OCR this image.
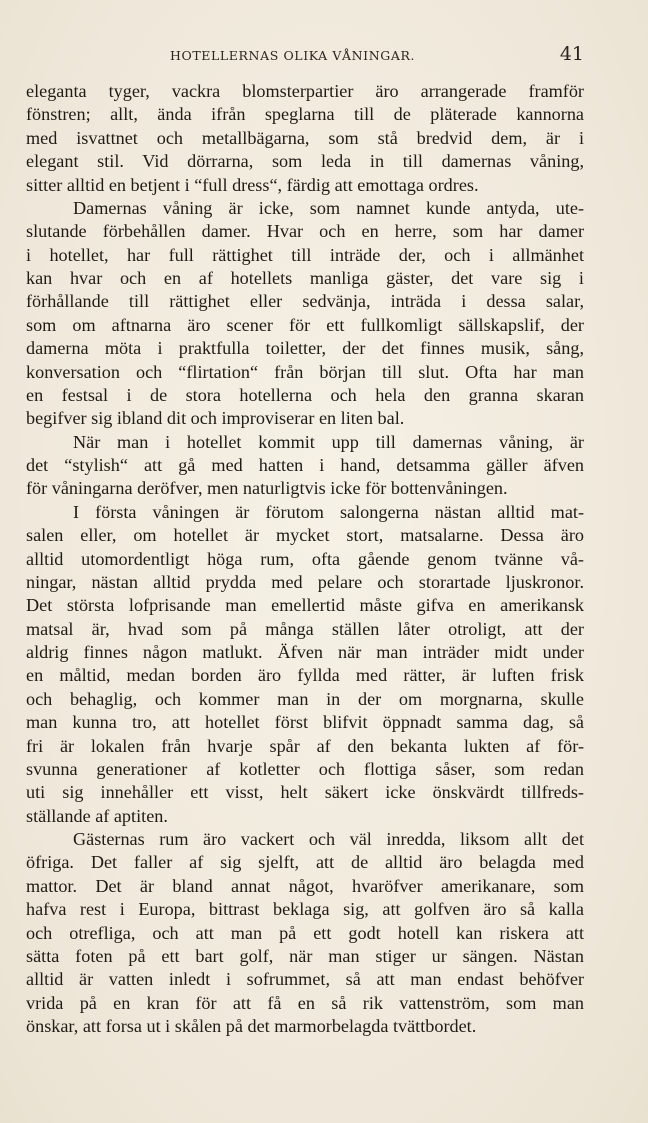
HOTELLERNAS OLIKA VÅNINGAR.	41
eleganta tyger, vackra blomsterpartier äro arrangerade framför
fönstren; allt, ända ifrån speglarna till de pläterade kannorna
med isvattnet och metallbägarna, som stå bredvid dem, är i
elegant stil. Vid dörrarna, som leda in till damernas våning,
sitter alltid en betjent i “full dress“, färdig att emottaga ordres.
Damernas våning är icke, som namnet kunde antyda, ute-
slutande förbehållen damer. Hvar och en herre, som har damer
i hotellet, har full rättighet till inträde der, och i allmänhet
kan hvar och en af hotellets manliga gäster, det vare sig i
förhållande till rättighet eller sedvänja, inträda i dessa salar,
som om aftnarna äro scener för ett fullkomligt sällskapslif, der
damerna möta i praktfulla toiletter, der det finnes musik, sång,
konversation och “flirtation“ från början till slut. Ofta har man
en festsal i de stora hotellerna och hela den granna skaran
begifver sig ibland dit och improviserar en liten bal.
När man i hotellet kommit upp till damernas våning, är
det “stylish“ att gå med hatten i hand, detsamma gäller äfven
för våningarna deröfver, men naturligtvis icke för bottenvåningen.
I första våningen är förutom salongerna nästan alltid mat-
salen eller, om hotellet är mycket stort, matsalarne. Dessa äro
alltid utomordentligt höga rum, ofta gående genom tvänne vå-
ningar, nästan alltid prydda med pelare och storartade ljuskronor.
Det största lofprisande man emellertid måste gifva en amerikansk
matsal är, hvad som på många ställen låter otroligt, att der
aldrig finnes någon matlukt. Äfven när man inträder midt under
en måltid, medan borden äro fyllda med rätter, är luften frisk
och behaglig, och kommer man in der om morgnarna, skulle
man kunna tro, att hotellet först blifvit öppnadt samma dag, så
fri är lokalen från hvarje spår af den bekanta lukten af för-
svunna generationer af kotletter och flottiga såser, som redan
uti sig innehåller ett visst, helt säkert icke önskvärdt tillfreds-
ställande af aptiten.
Gästernas rum äro vackert och väl inredda, liksom allt det
öfriga. Det faller af sig sjelft, att de alltid äro belagda med
mattor. Det är bland annat något, hvaröfver amerikanare, som
hafva rest i Europa, bittrast beklaga sig, att golfven äro så kalla
och otrefliga, och att man på ett godt hotell kan riskera att
sätta foten på ett bart golf, när man stiger ur sängen. Nästan
alltid är vatten inledt i sofrummet, så att man endast behöfver
vrida på en kran för att få en så rik vattenström, som man
önskar, att forsa ut i skålen på det marmorbelagda tvättbordet.
